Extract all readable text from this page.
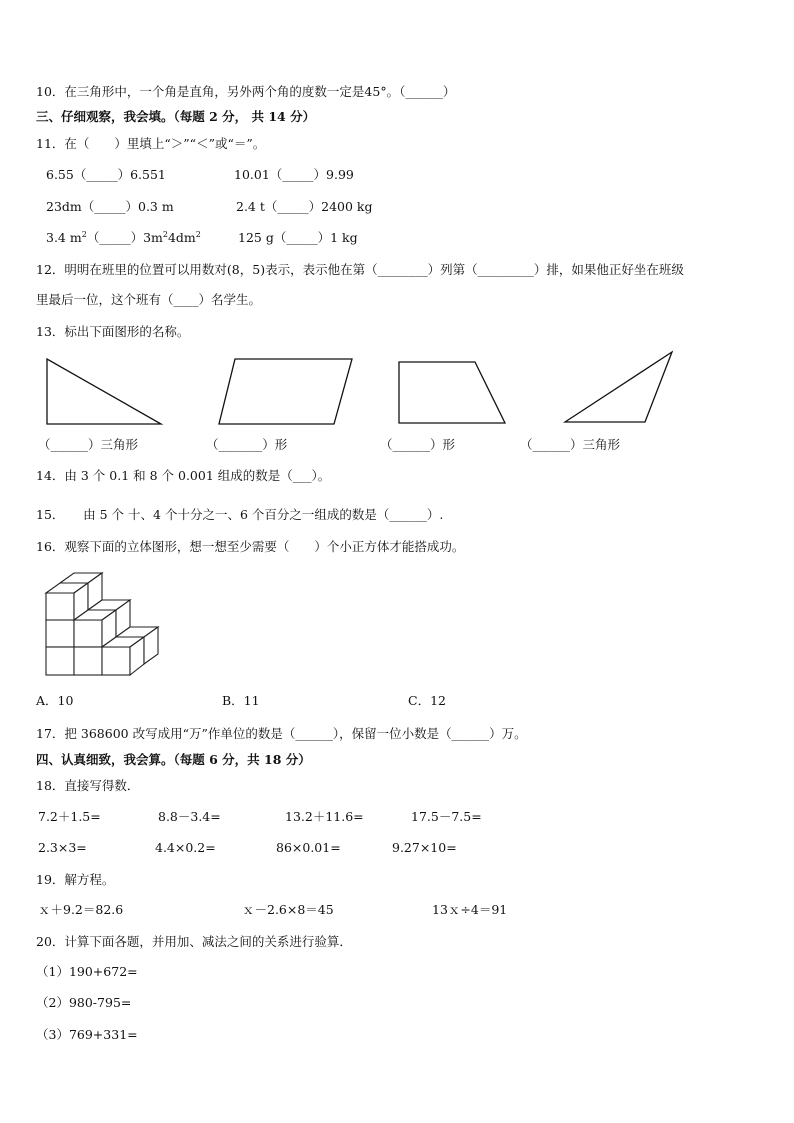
10．在三角形中，一个角是直角，另外两个角的度数一定是45°。（______）
三、仔细观察，我会填。（每题 2 分， 共 14 分）
11．在（　　）里填上“＞”“＜”或“＝”。
6.55（_____）6.551	10.01（_____）9.99
23dm（_____）0.3 m	2.4 t（_____）2400 kg
3.4 $m^2(\_\_\_\_\_)3m^24dm^2$	125 g（_____）1 kg
12．明明在班里的位置可以用数对(8，5)表示，表示他在第（________）列第（_________）排，如果他正好坐在班级
里最后一位，这个班有（____）名学生。
13．标出下面图形的名称。
（______）三角形	（_______）形	（______）形	（______）三角形
14．由 3 个 0.1 和 8 个 0.001 组成的数是（___）。
15．　　由 5 个 十、4 个十分之一、6 个百分之一组成的数是（______）.
16．观察下面的立体图形，想一想至少需要（　　）个小正方体才能搭成功。
A．10	B．11	C．12
17．把 368600 改写成用“万”作单位的数是（______），保留一位小数是（______）万。
四、认真细致，我会算。（每题 6 分，共 18 分）
18．直接写得数．
7.2＋1.5=	8.8－3.4=	13.2＋11.6=	17.5－7.5=
2.3×3=	4.4×0.2=	86×0.01=	9.27×10=
19．解方程。
ｘ＋9.2＝82.6	ｘ－2.6×8＝45	13ｘ÷4＝91
20．计算下面各题，并用加、减法之间的关系进行验算．
（1）190+672=
（2）980-795=
（3）769+331=
